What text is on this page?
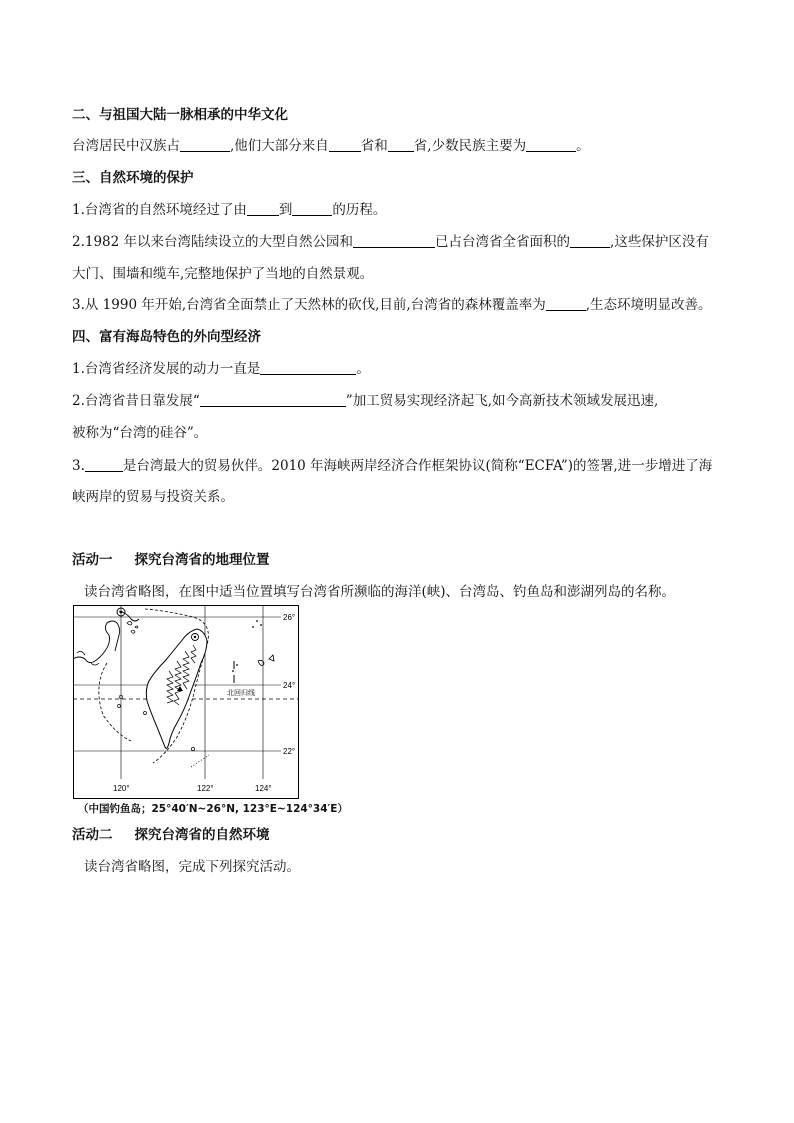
二、与祖国大陆一脉相承的中华文化
台湾居民中汉族占	,他们大部分来自 省和 省,少数民族主要为	。
三、自然环境的保护
1.台湾省的自然环境经过了由 到	的历程。
2.1982 年以来台湾陆续设立的大型自然公园和	已占台湾省全省面积的	,这些保护区没有
大门、围墙和缆车,完整地保护了当地的自然景观。
3.从 1990 年开始,台湾省全面禁止了天然林的砍伐,目前,台湾省的森林覆盖率为	,生态环境明显改善。
四、富有海岛特色的外向型经济
1.台湾省经济发展的动力一直是	。
2.台湾省昔日靠发展“	”加工贸易实现经济起飞,如今高新技术领域发展迅速,
被称为“台湾的硅谷”。
3.	是台湾最大的贸易伙伴。2010 年海峡两岸经济合作框架协议(简称“ECFA”)的签署,进一步增进了海
峡两岸的贸易与投资关系。
活动一 探究台湾省的地理位置
读台湾省略图，在图中适当位置填写台湾省所濒临的海洋(峡)、台湾岛、钓鱼岛和澎湖列岛的名称。
26°
24°
22°
120°	122°	124°
北回归线
（中国钓鱼岛；25°40′N~26°N, 123°E~124°34′E）
活动二 探究台湾省的自然环境
读台湾省略图，完成下列探究活动。
